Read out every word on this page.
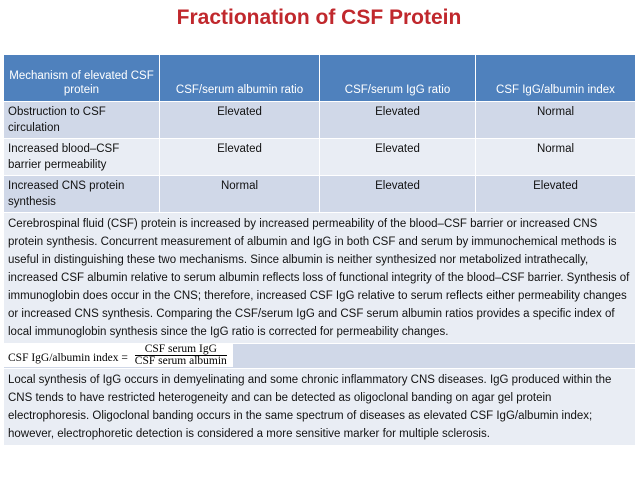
Fractionation of CSF Protein
Mechanism of elevated CSF protein	CSF/serum albumin ratio	CSF/serum IgG ratio	CSF IgG/albumin index
Obstruction to CSF circulation	Elevated	Elevated	Normal
Increased blood–CSF barrier permeability	Elevated	Elevated	Normal
Increased CNS protein synthesis	Normal	Elevated	Elevated
Cerebrospinal fluid (CSF) protein is increased by increased permeability of the blood–CSF barrier or increased CNS protein synthesis. Concurrent measurement of albumin and IgG in both CSF and serum by immunochemical methods is useful in distinguishing these two mechanisms. Since albumin is neither synthesized nor metabolized intrathecally, increased CSF albumin relative to serum albumin reflects loss of functional integrity of the blood–CSF barrier. Synthesis of immunoglobin does occur in the CNS; therefore, increased CSF IgG relative to serum reflects either permeability changes or increased CNS synthesis. Comparing the CSF/serum IgG and CSF serum albumin ratios provides a specific index of local immunoglobin synthesis since the IgG ratio is corrected for permeability changes.			
CSF IgG/albumin index = $\frac{\text{CSF serum IgG}}{\text{CSF serum albumin}}$

Local synthesis of IgG occurs in demyelinating and some chronic inflammatory CNS diseases. IgG produced within the CNS tends to have restricted heterogeneity and can be detected as oligoclonal banding on agar gel protein electrophoresis. Oligoclonal banding occurs in the same spectrum of diseases as elevated CSF IgG/albumin index; however, electrophoretic detection is considered a more sensitive marker for multiple sclerosis.			
